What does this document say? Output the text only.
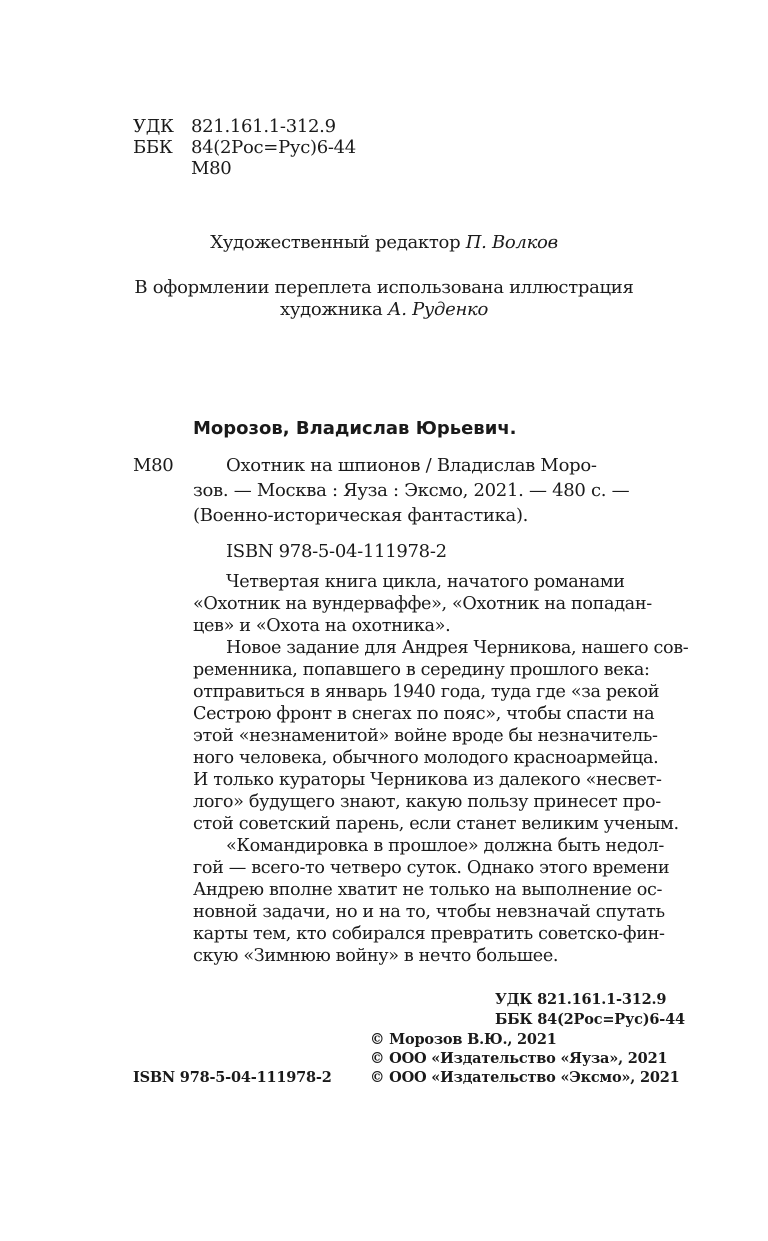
УДК 821.161.1-312.9
ББК 84(2Рос=Рус)6-44
М80
Художественный редактор П. Волков
В оформлении переплета использована иллюстрация
художника А. Руденко
Морозов, Владислав Юрьевич.
М80	Охотник на шпионов / Владислав Моро-
зов. — Москва : Яуза : Эксмо, 2021. — 480 с. —
(Военно-историческая фантастика).
ISBN 978-5-04-111978-2
Четвертая книга цикла, начатого романами
«Охотник на вундерваффе», «Охотник на попадан-
цев» и «Охота на охотника».
Новое задание для Андрея Черникова, нашего сов-
ременника, попавшего в середину прошлого века:
отправиться в январь 1940 года, туда где «за рекой
Сестрою фронт в снегах по пояс», чтобы спасти на
этой «незнаменитой» войне вроде бы незначитель-
ного человека, обычного молодого красноармейца.
И только кураторы Черникова из далекого «несвет-
лого» будущего знают, какую пользу принесет про-
стой советский парень, если станет великим ученым.
«Командировка в прошлое» должна быть недол-
гой — всего-то четверо суток. Однако этого времени
Андрею вполне хватит не только на выполнение ос-
новной задачи, но и на то, чтобы невзначай спутать
карты тем, кто собирался превратить советско-фин-
скую «Зимнюю войну» в нечто большее.
УДК 821.161.1-312.9
ББК 84(2Рос=Рус)6-44
© Морозов В.Ю., 2021
© ООО «Издательство «Яуза», 2021
© ООО «Издательство «Эксмо», 2021
ISBN 978-5-04-111978-2
